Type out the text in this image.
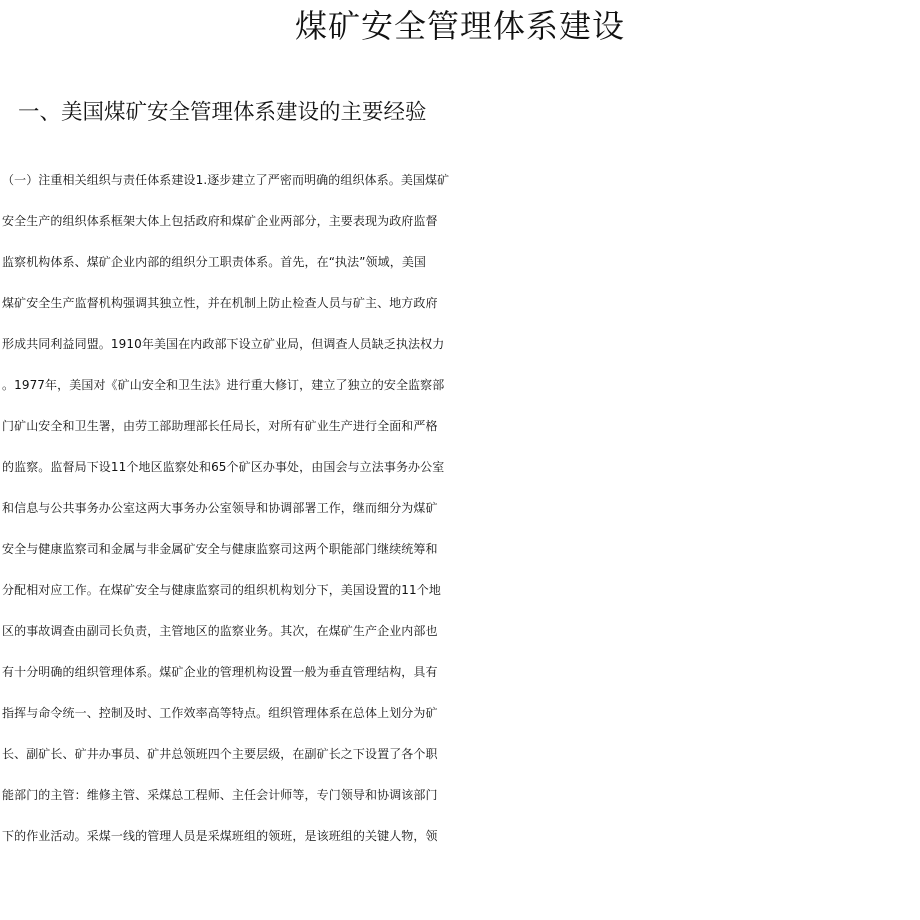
煤矿安全管理体系建设
一、美国煤矿安全管理体系建设的主要经验
（一）注重相关组织与责任体系建设1.逐步建立了严密而明确的组织体系。美国煤矿
安全生产的组织体系框架大体上包括政府和煤矿企业两部分，主要表现为政府监督
监察机构体系、煤矿企业内部的组织分工职责体系。首先，在“执法”领域，美国
煤矿安全生产监督机构强调其独立性，并在机制上防止检查人员与矿主、地方政府
形成共同利益同盟。1910年美国在内政部下设立矿业局，但调查人员缺乏执法权力
。1977年，美国对《矿山安全和卫生法》进行重大修订，建立了独立的安全监察部
门矿山安全和卫生署，由劳工部助理部长任局长，对所有矿业生产进行全面和严格
的监察。监督局下设11个地区监察处和65个矿区办事处，由国会与立法事务办公室
和信息与公共事务办公室这两大事务办公室领导和协调部署工作，继而细分为煤矿
安全与健康监察司和金属与非金属矿安全与健康监察司这两个职能部门继续统筹和
分配相对应工作。在煤矿安全与健康监察司的组织机构划分下，美国设置的11个地
区的事故调查由副司长负责，主管地区的监察业务。其次，在煤矿生产企业内部也
有十分明确的组织管理体系。煤矿企业的管理机构设置一般为垂直管理结构，具有
指挥与命令统一、控制及时、工作效率高等特点。组织管理体系在总体上划分为矿
长、副矿长、矿井办事员、矿井总领班四个主要层级，在副矿长之下设置了各个职
能部门的主管：维修主管、采煤总工程师、主任会计师等，专门领导和协调该部门
下的作业活动。采煤一线的管理人员是采煤班组的领班，是该班组的关键人物，领
